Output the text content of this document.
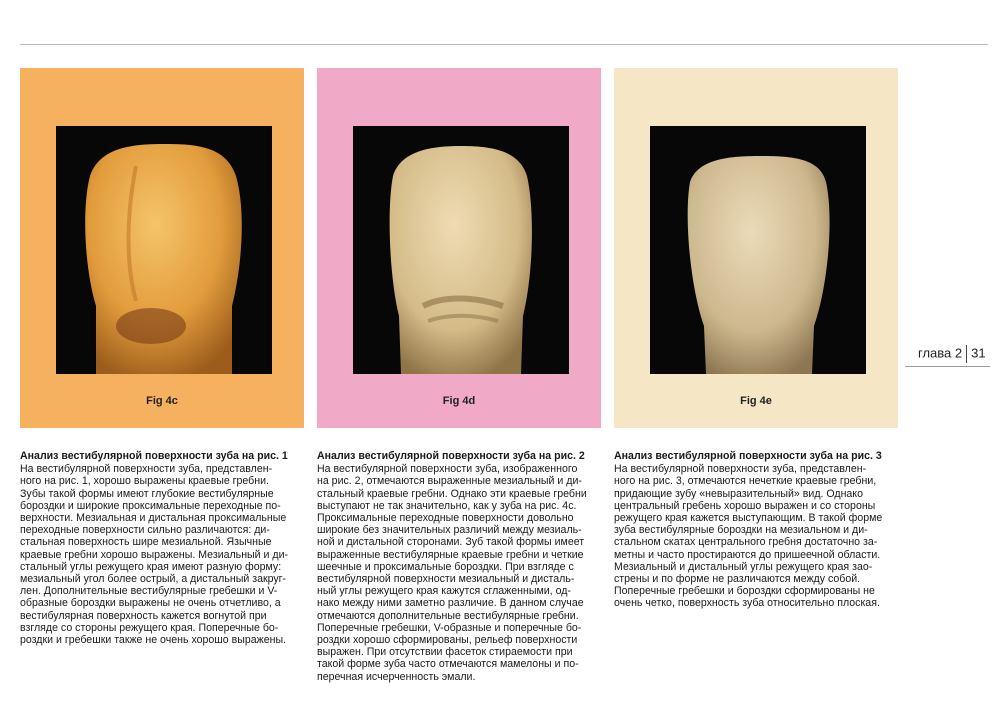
Fig 4c	Fig 4d	Fig 4e
глава 2 31
Анализ вестибулярной поверхности зуба на рис. 1

На вестибулярной поверхности зуба, представлен-
ного на рис. 1, хорошо выражены краевые гребни.
Зубы такой формы имеют глубокие вестибулярные
бороздки и широкие проксимальные переходные по-
верхности. Мезиальная и дистальная проксимальные
переходные поверхности сильно различаются: ди-
стальная поверхность шире мезиальной. Язычные
краевые гребни хорошо выражены. Мезиальный и ди-
стальный углы режущего края имеют разную форму:
мезиальный угол более острый, а дистальный закруг-
лен. Дополнительные вестибулярные гребешки и V-
образные бороздки выражены не очень отчетливо, а
вестибулярная поверхность кажется вогнутой при
взгляде со стороны режущего края. Поперечные бо-
роздки и гребешки также не очень хорошо выражены.

Анализ вестибулярной поверхности зуба на рис. 2

На вестибулярной поверхности зуба, изображенного
на рис. 2, отмечаются выраженные мезиальный и ди-
стальный краевые гребни. Однако эти краевые гребни
выступают не так значительно, как у зуба на рис. 4с.
Проксимальные переходные поверхности довольно
широкие без значительных различий между мезиаль-
ной и дистальной сторонами. Зуб такой формы имеет
выраженные вестибулярные краевые гребни и четкие
шеечные и проксимальные бороздки. При взгляде с
вестибулярной поверхности мезиальный и дисталь-
ный углы режущего края кажутся сглаженными, од-
нако между ними заметно различие. В данном случае
отмечаются дополнительные вестибулярные гребни.
Поперечные гребешки, V-образные и поперечные бо-
роздки хорошо сформированы, рельеф поверхности
выражен. При отсутствии фасеток стираемости при
такой форме зуба часто отмечаются мамелоны и по-
перечная исчерченность эмали.

Анализ вестибулярной поверхности зуба на рис. 3

На вестибулярной поверхности зуба, представлен-
ного на рис. 3, отмечаются нечеткие краевые гребни,
придающие зубу «невыразительный» вид. Однако
центральный гребень хорошо выражен и со стороны
режущего края кажется выступающим. В такой форме
зуба вестибулярные бороздки на мезиальном и ди-
стальном скатах центрального гребня достаточно за-
метны и часто простираются до пришеечной области.
Мезиальный и дистальный углы режущего края зао-
стрены и по форме не различаются между собой.
Поперечные гребешки и бороздки сформированы не
очень четко, поверхность зуба относительно плоская.
